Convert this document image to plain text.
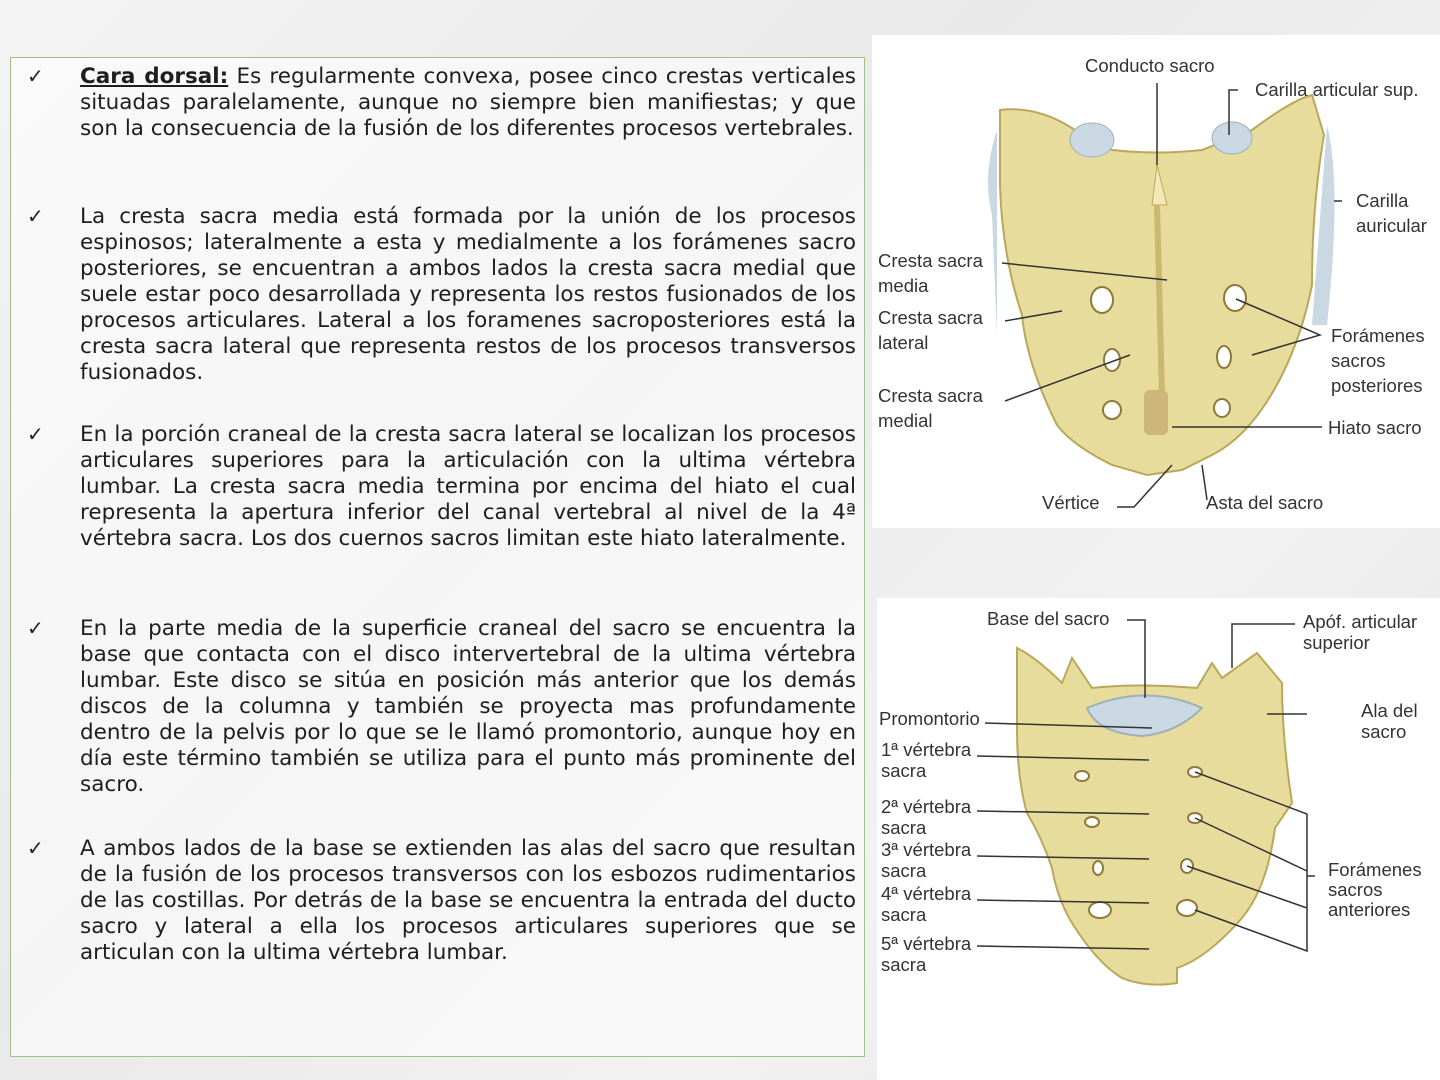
✓ Cara dorsal: Es regularmente convexa, posee cinco crestas verticales situadas paralelamente, aunque no siempre bien manifiestas; y que son la consecuencia de la fusión de los diferentes procesos vertebrales.
✓ La cresta sacra media está formada por la unión de los procesos espinosos; lateralmente a esta y medialmente a los forámenes sacro posteriores, se encuentran a ambos lados la cresta sacra medial que suele estar poco desarrollada y representa los restos fusionados de los procesos articulares. Lateral a los foramenes sacroposteriores está la cresta sacra lateral que representa restos de los procesos transversos fusionados.
✓ En la porción craneal de la cresta sacra lateral se localizan los procesos articulares superiores para la articulación con la ultima vértebra lumbar. La cresta sacra media termina por encima del hiato el cual representa la apertura inferior del canal vertebral al nivel de la 4ª vértebra sacra. Los dos cuernos sacros limitan este hiato lateralmente.
✓ En la parte media de la superficie craneal del sacro se encuentra la base que contacta con el disco intervertebral de la ultima vértebra lumbar. Este disco se sitúa en posición más anterior que los demás discos de la columna y también se proyecta mas profundamente dentro de la pelvis por lo que se le llamó promontorio, aunque hoy en día este término también se utiliza para el punto más prominente del sacro.
✓ A ambos lados de la base se extienden las alas del sacro que resultan de la fusión de los procesos transversos con los esbozos rudimentarios de las costillas. Por detrás de la base se encuentra la entrada del ducto sacro y lateral a ella los procesos articulares superiores que se articulan con la ultima vértebra lumbar.
Conducto sacro
Carilla articular sup.
Carilla auricular
Cresta sacra media
Cresta sacra lateral
Cresta sacra medial
Forámenes sacros posteriores
Hiato sacro
Vértice	Asta del sacro
Base del sacro	Apóf. articular superior
Ala del sacro
Promontorio
1ª vértebra sacra
2ª vértebra sacra
3ª vértebra sacra
4ª vértebra sacra
5ª vértebra sacra
Forámenes sacros anteriores
